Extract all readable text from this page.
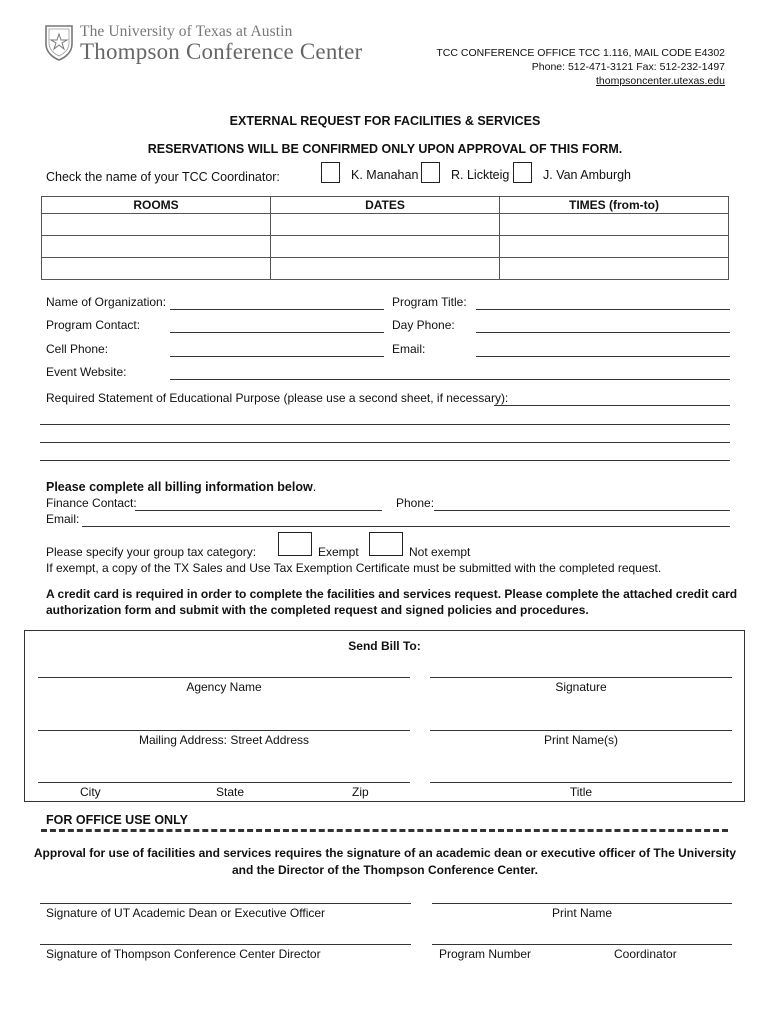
The University of Texas at Austin
Thompson Conference Center	TCC CONFERENCE OFFICE TCC 1.116, MAIL CODE E4302
Phone: 512-471-3121 Fax: 512-232-1497
thompsoncenter.utexas.edu
EXTERNAL REQUEST FOR FACILITIES & SERVICES
RESERVATIONS WILL BE CONFIRMED ONLY UPON APPROVAL OF THIS FORM.
Check the name of your TCC Coordinator:	K. Manahan	R. Lickteig	J. Van Amburgh
ROOMS	DATES	TIMES (from-to)

Name of Organization:	Program Title:
Program Contact:	Day Phone:
Cell Phone:	Email:
Event Website:
Required Statement of Educational Purpose (please use a second sheet, if necessary):
Please complete all billing information below.
Finance Contact:	Phone:
Email:
Please specify your group tax category:	Exempt	Not exempt
If exempt, a copy of the TX Sales and Use Tax Exemption Certificate must be submitted with the completed request.
A credit card is required in order to complete the facilities and services request. Please complete the attached credit card
authorization form and submit with the completed request and signed policies and procedures.
Send Bill To:
Agency Name	Signature
Mailing Address: Street Address	Print Name(s)
City	State	Zip	Title
FOR OFFICE USE ONLY
Approval for use of facilities and services requires the signature of an academic dean or executive officer of The University
and the Director of the Thompson Conference Center.
Signature of UT Academic Dean or Executive Officer	Print Name
Signature of Thompson Conference Center Director	Program Number	Coordinator
